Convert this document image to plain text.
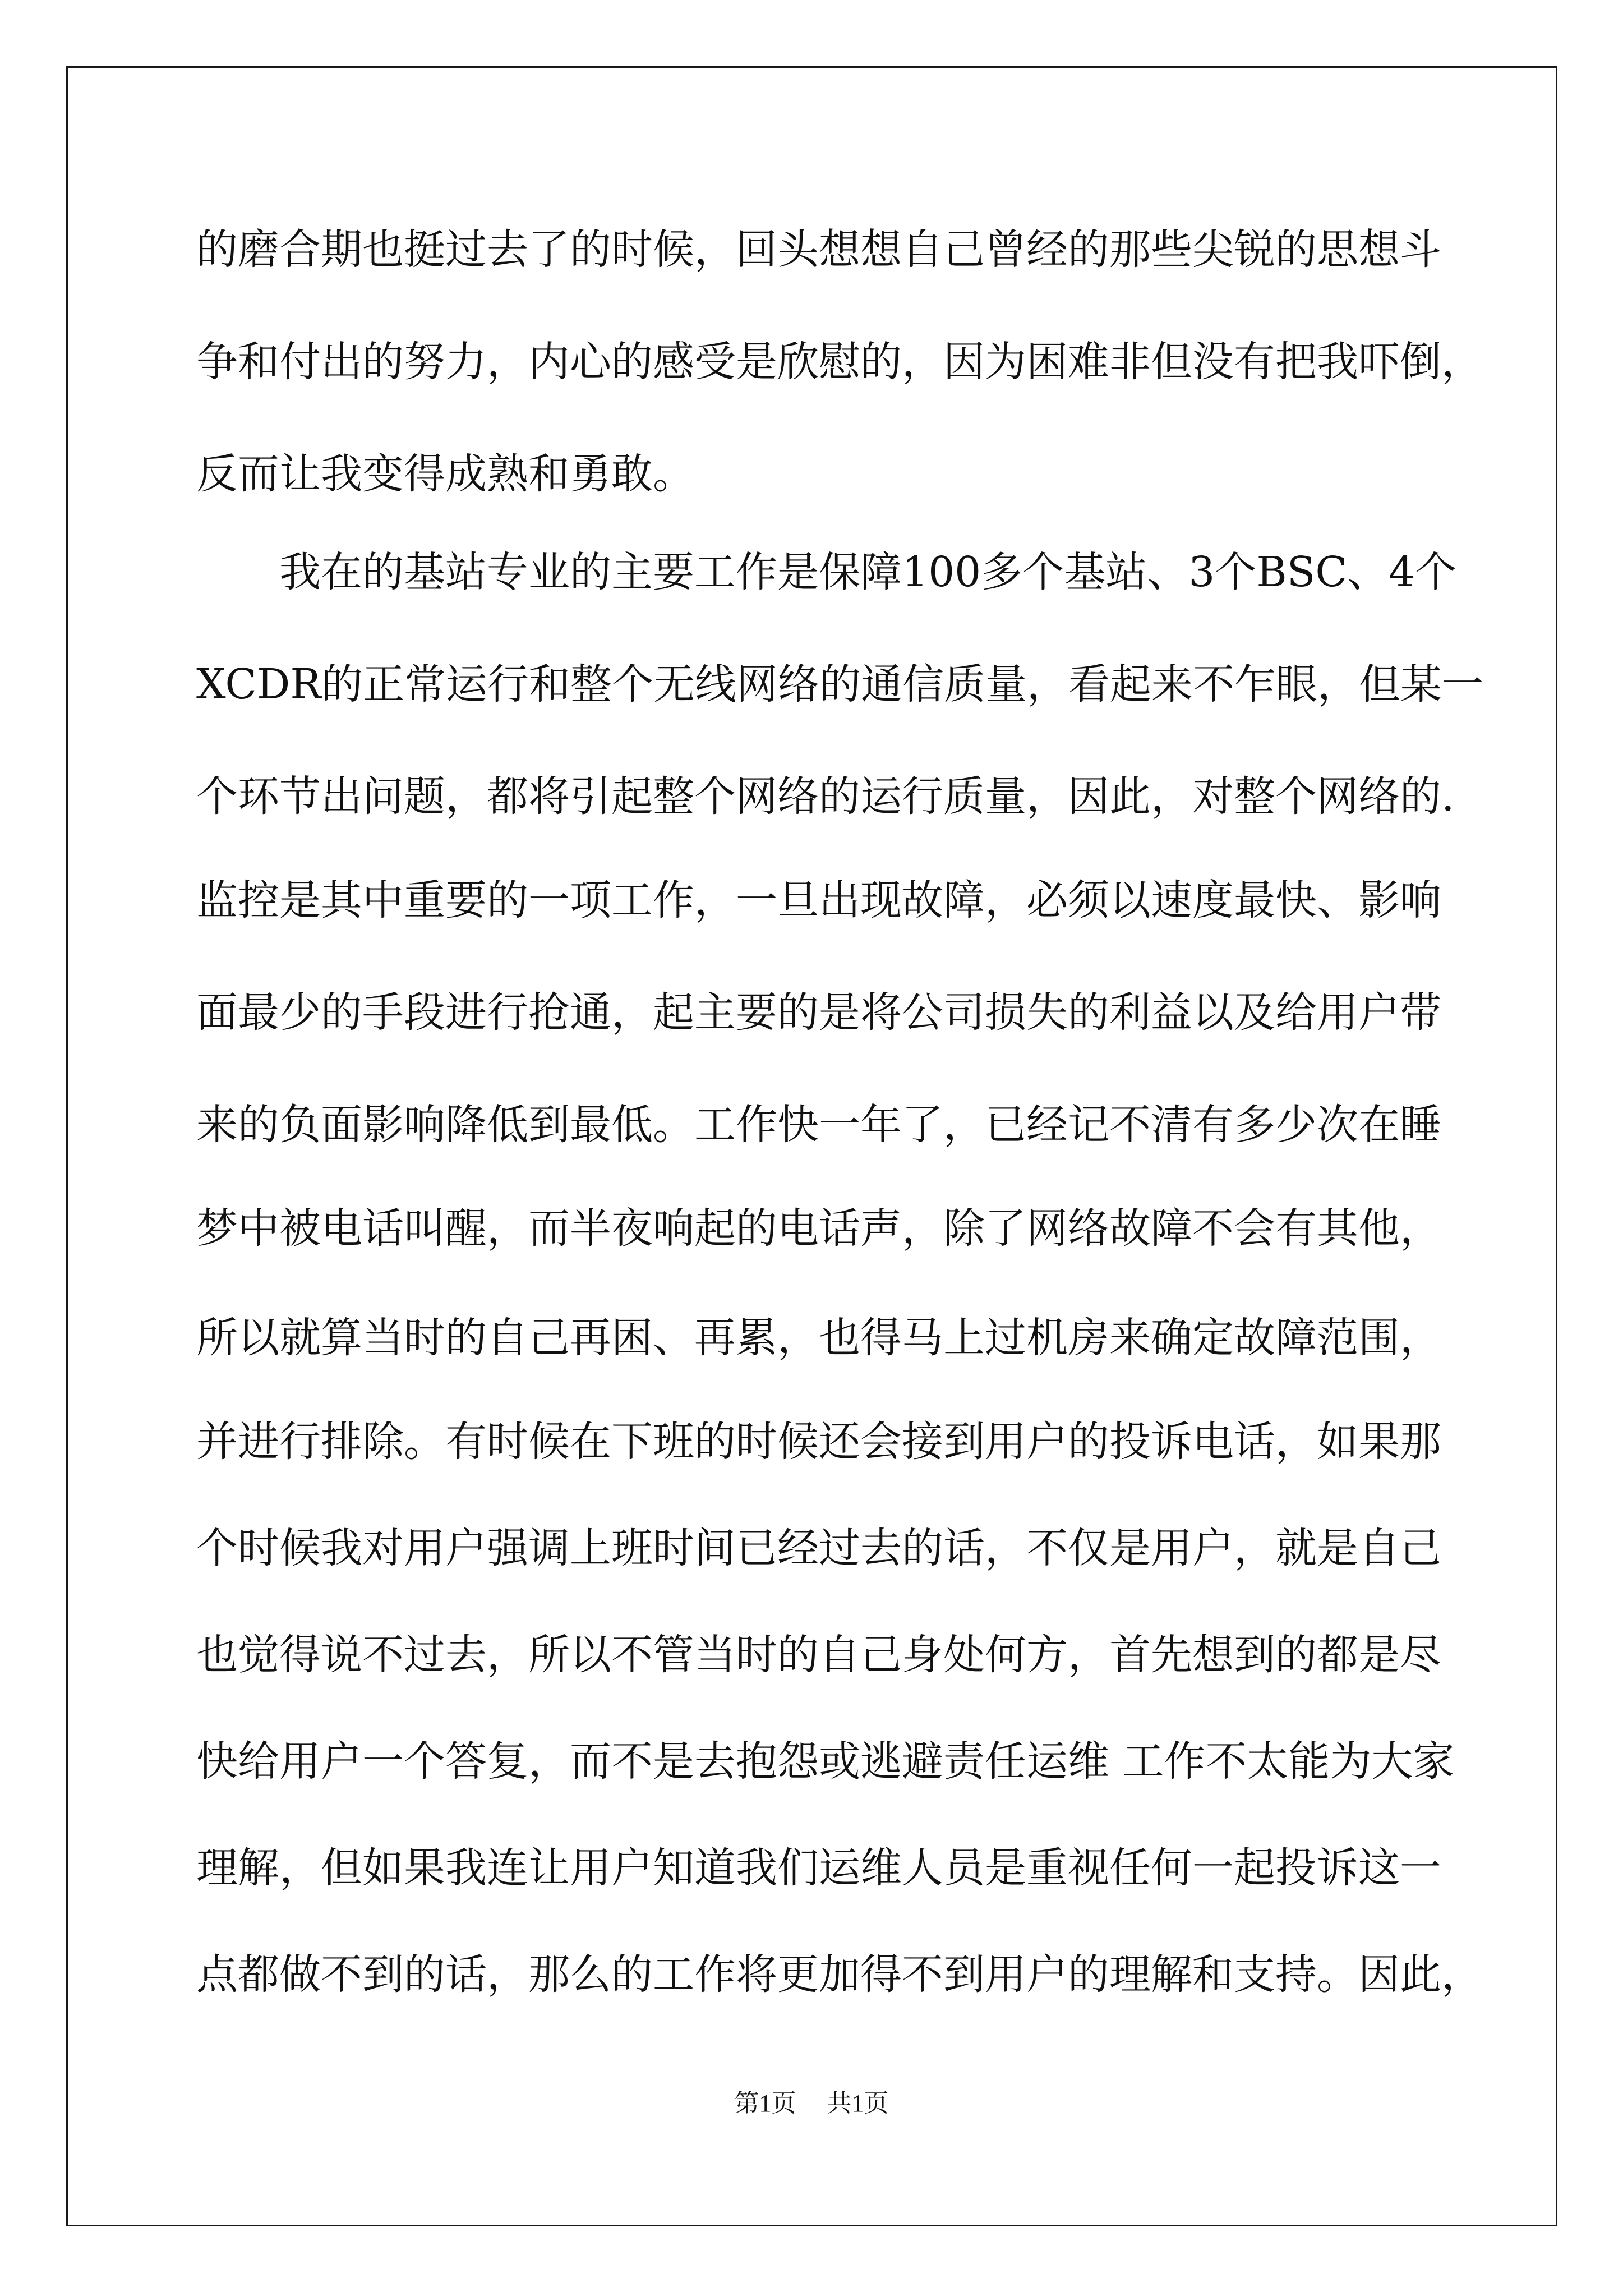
的磨合期也挺过去了的时候，回头想想自己曾经的那些尖锐的思想斗

争和付出的努力，内心的感受是欣慰的，因为困难非但没有把我吓倒，

反而让我变得成熟和勇敢。

　　我在的基站专业的主要工作是保障100多个基站、3个BSC、4个

XCDR的正常运行和整个无线网络的通信质量，看起来不乍眼，但某一

个环节出问题，都将引起整个网络的运行质量，因此，对整个网络的.

监控是其中重要的一项工作，一旦出现故障，必须以速度最快、影响

面最少的手段进行抢通，起主要的是将公司损失的利益以及给用户带

来的负面影响降低到最低。工作快一年了，已经记不清有多少次在睡

梦中被电话叫醒，而半夜响起的电话声，除了网络故障不会有其他，

所以就算当时的自己再困、再累，也得马上过机房来确定故障范围，

并进行排除。有时候在下班的时候还会接到用户的投诉电话，如果那

个时候我对用户强调上班时间已经过去的话，不仅是用户，就是自己

也觉得说不过去，所以不管当时的自己身处何方，首先想到的都是尽

快给用户一个答复，而不是去抱怨或逃避责任运维 工作不太能为大家

理解，但如果我连让用户知道我们运维人员是重视任何一起投诉这一

点都做不到的话，那么的工作将更加得不到用户的理解和支持。因此，

第1页 共1页
